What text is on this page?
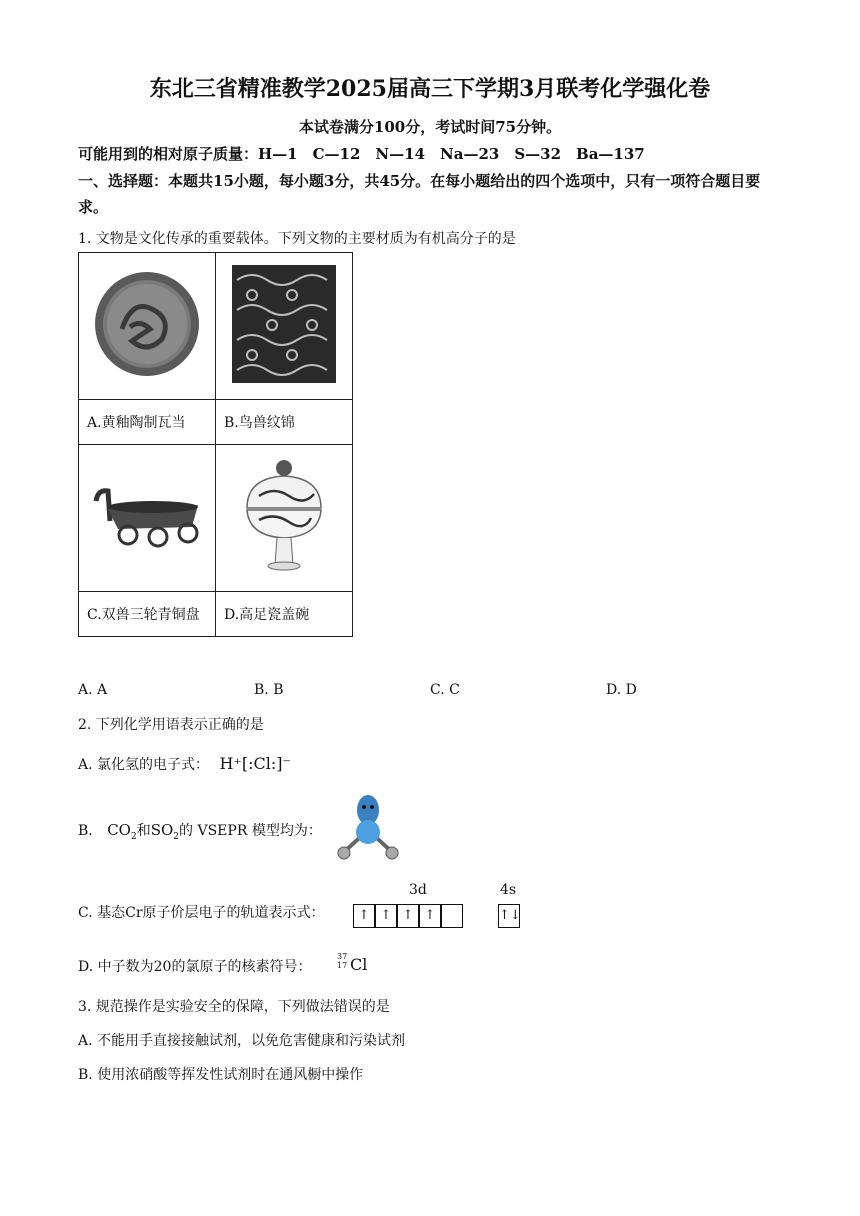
东北三省精准教学2025届高三下学期3月联考化学强化卷
本试卷满分100分，考试时间75分钟。
可能用到的相对原子质量：H—1　C—12　N—14　Na—23　S—32　Ba—137
一、选择题：本题共15小题，每小题3分，共45分。在每小题给出的四个选项中，只有一项符合题目要
求。
1. 文物是文化传承的重要载体。下列文物的主要材质为有机高分子的是

A.黄釉陶制瓦当	B.鸟兽纹锦

C.双兽三轮青铜盘	D.高足瓷盖碗
A. A	B. B	C. C	D. D
2. 下列化学用语表示正确的是
A. 氯化氢的电子式： H⁺[:Cl:]⁻
B. $CO_2$和$SO_2$的 VSEPR 模型均为：
C. 基态Cr原子价层电子的轨道表示式：
3d	4s
↑ ↑ ↑ ↑	↑↓
D. 中子数为20的氯原子的核素符号：
37
17 Cl
3. 规范操作是实验安全的保障，下列做法错误的是
A. 不能用手直接接触试剂，以免危害健康和污染试剂
B. 使用浓硝酸等挥发性试剂时在通风橱中操作
